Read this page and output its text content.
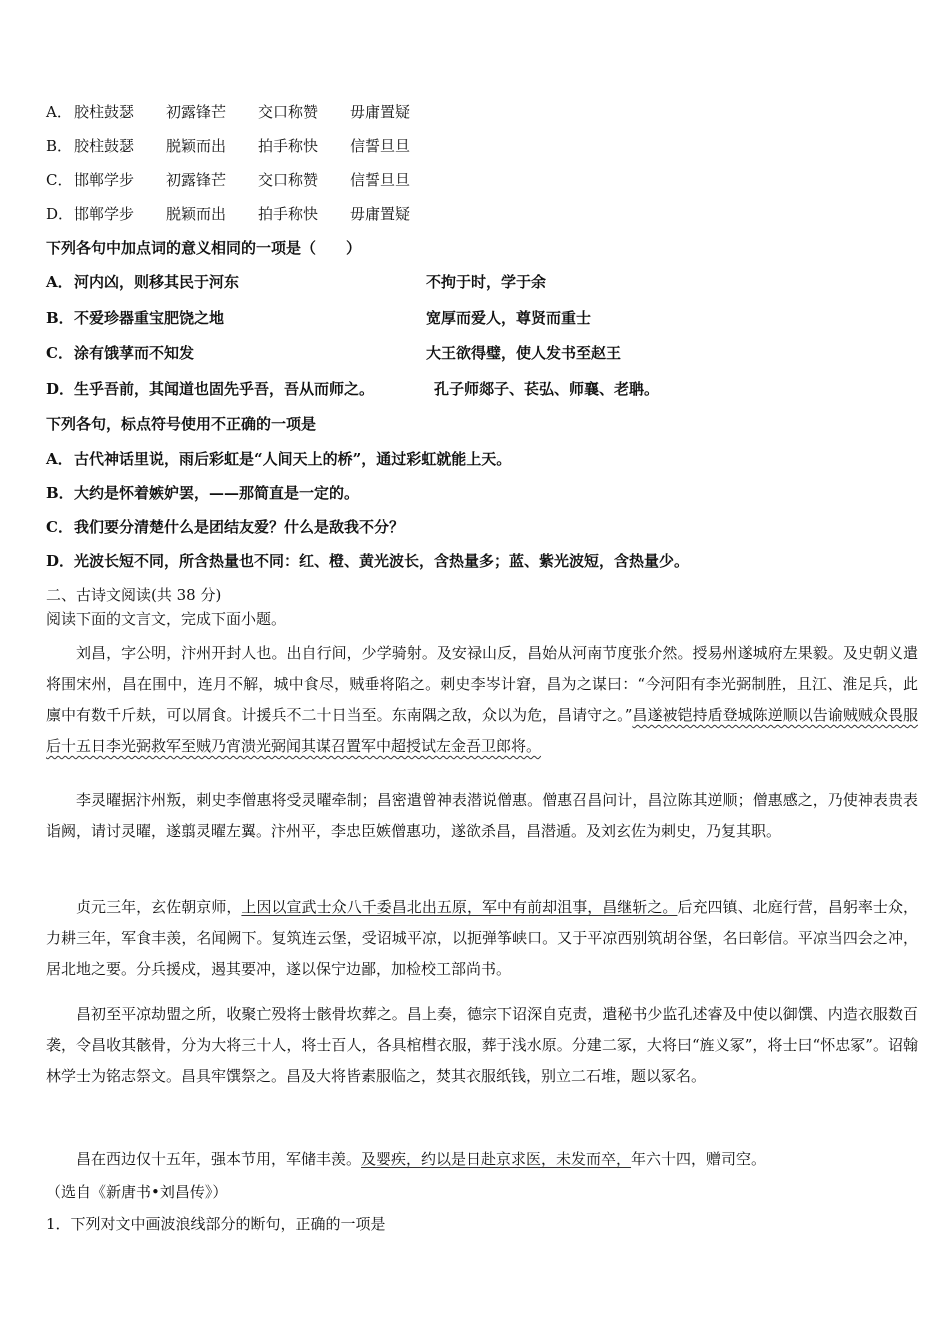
A． 胶柱鼓瑟 初露锋芒 交口称赞 毋庸置疑
B． 胶柱鼓瑟 脱颖而出 拍手称快 信誓旦旦
C． 邯郸学步 初露锋芒 交口称赞 信誓旦旦
D．邯郸学步 脱颖而出 拍手称快 毋庸置疑
下列各句中加点词的意义相同的一项是（　　）
A．河内凶，则移其民于河东	不拘于时，学于余
B．不爱珍器重宝肥饶之地	宽厚而爱人，尊贤而重士
C．涂有饿莩而不知发	大王欲得璧，使人发书至赵王
D．生乎吾前，其闻道也固先乎吾，吾从而师之。	孔子师郯子、苌弘、师襄、老聃。
下列各句，标点符号使用不正确的一项是
A．古代神话里说，雨后彩虹是“人间天上的桥”，通过彩虹就能上天。
B．大约是怀着嫉妒罢，——那简直是一定的。
C．我们要分清楚什么是团结友爱？什么是敌我不分？
D．光波长短不同，所含热量也不同：红、橙、黄光波长，含热量多；蓝、紫光波短，含热量少。
二、古诗文阅读(共 38 分)
阅读下面的文言文，完成下面小题。
刘昌，字公明，汴州开封人也。出自行间，少学骑射。及安禄山反，昌始从河南节度张介然。授易州遂城府左果毅。及史朝义遣将围宋州，昌在围中，连月不解，城中食尽，贼垂将陷之。刺史李岑计窘，昌为之谋曰：“今河阳有李光弼制胜，且江、淮足兵，此廪中有数千斤麸，可以屑食。计援兵不二十日当至。东南隅之敌，众以为危，昌请守之。”昌遂被铠持盾登城陈逆顺以告谕贼贼众畏服后十五日李光弼救军至贼乃宵溃光弼闻其谋召置军中超授试左金吾卫郎将。
李灵曜据汴州叛，刺史李僧惠将受灵曜牵制；昌密遣曾神表潜说僧惠。僧惠召昌问计，昌泣陈其逆顺；僧惠感之，乃使神表贵表诣阙，请讨灵曜，遂翦灵曜左翼。汴州平，李忠臣嫉僧惠功，遂欲杀昌，昌潜遁。及刘玄佐为刺史，乃复其职。
贞元三年，玄佐朝京师，上因以宣武士众八千委昌北出五原，军中有前却沮事，昌继斩之。后充四镇、北庭行营，昌躬率士众，力耕三年，军食丰羡，名闻阙下。复筑连云堡，受诏城平凉，以扼弹筝峡口。又于平凉西别筑胡谷堡，名曰彰信。平凉当四会之冲，居北地之要。分兵援戍，遏其要冲，遂以保宁边鄙，加检校工部尚书。
昌初至平凉劫盟之所，收聚亡殁将士骸骨坎葬之。昌上奏，德宗下诏深自克责，遣秘书少监孔述睿及中使以御馔、内造衣服数百袭，令昌收其骸骨，分为大将三十人，将士百人，各具棺槥衣服，葬于浅水原。分建二冢，大将曰“旌义冢”，将士曰“怀忠冢”。诏翰林学士为铭志祭文。昌具牢馔祭之。昌及大将皆素服临之，焚其衣服纸钱，别立二石堆，题以冢名。
昌在西边仅十五年，强本节用，军储丰羡。及婴疾，约以是日赴京求医，未发而卒，年六十四，赠司空。
（选自《新唐书•刘昌传》）
1．下列对文中画波浪线部分的断句，正确的一项是
